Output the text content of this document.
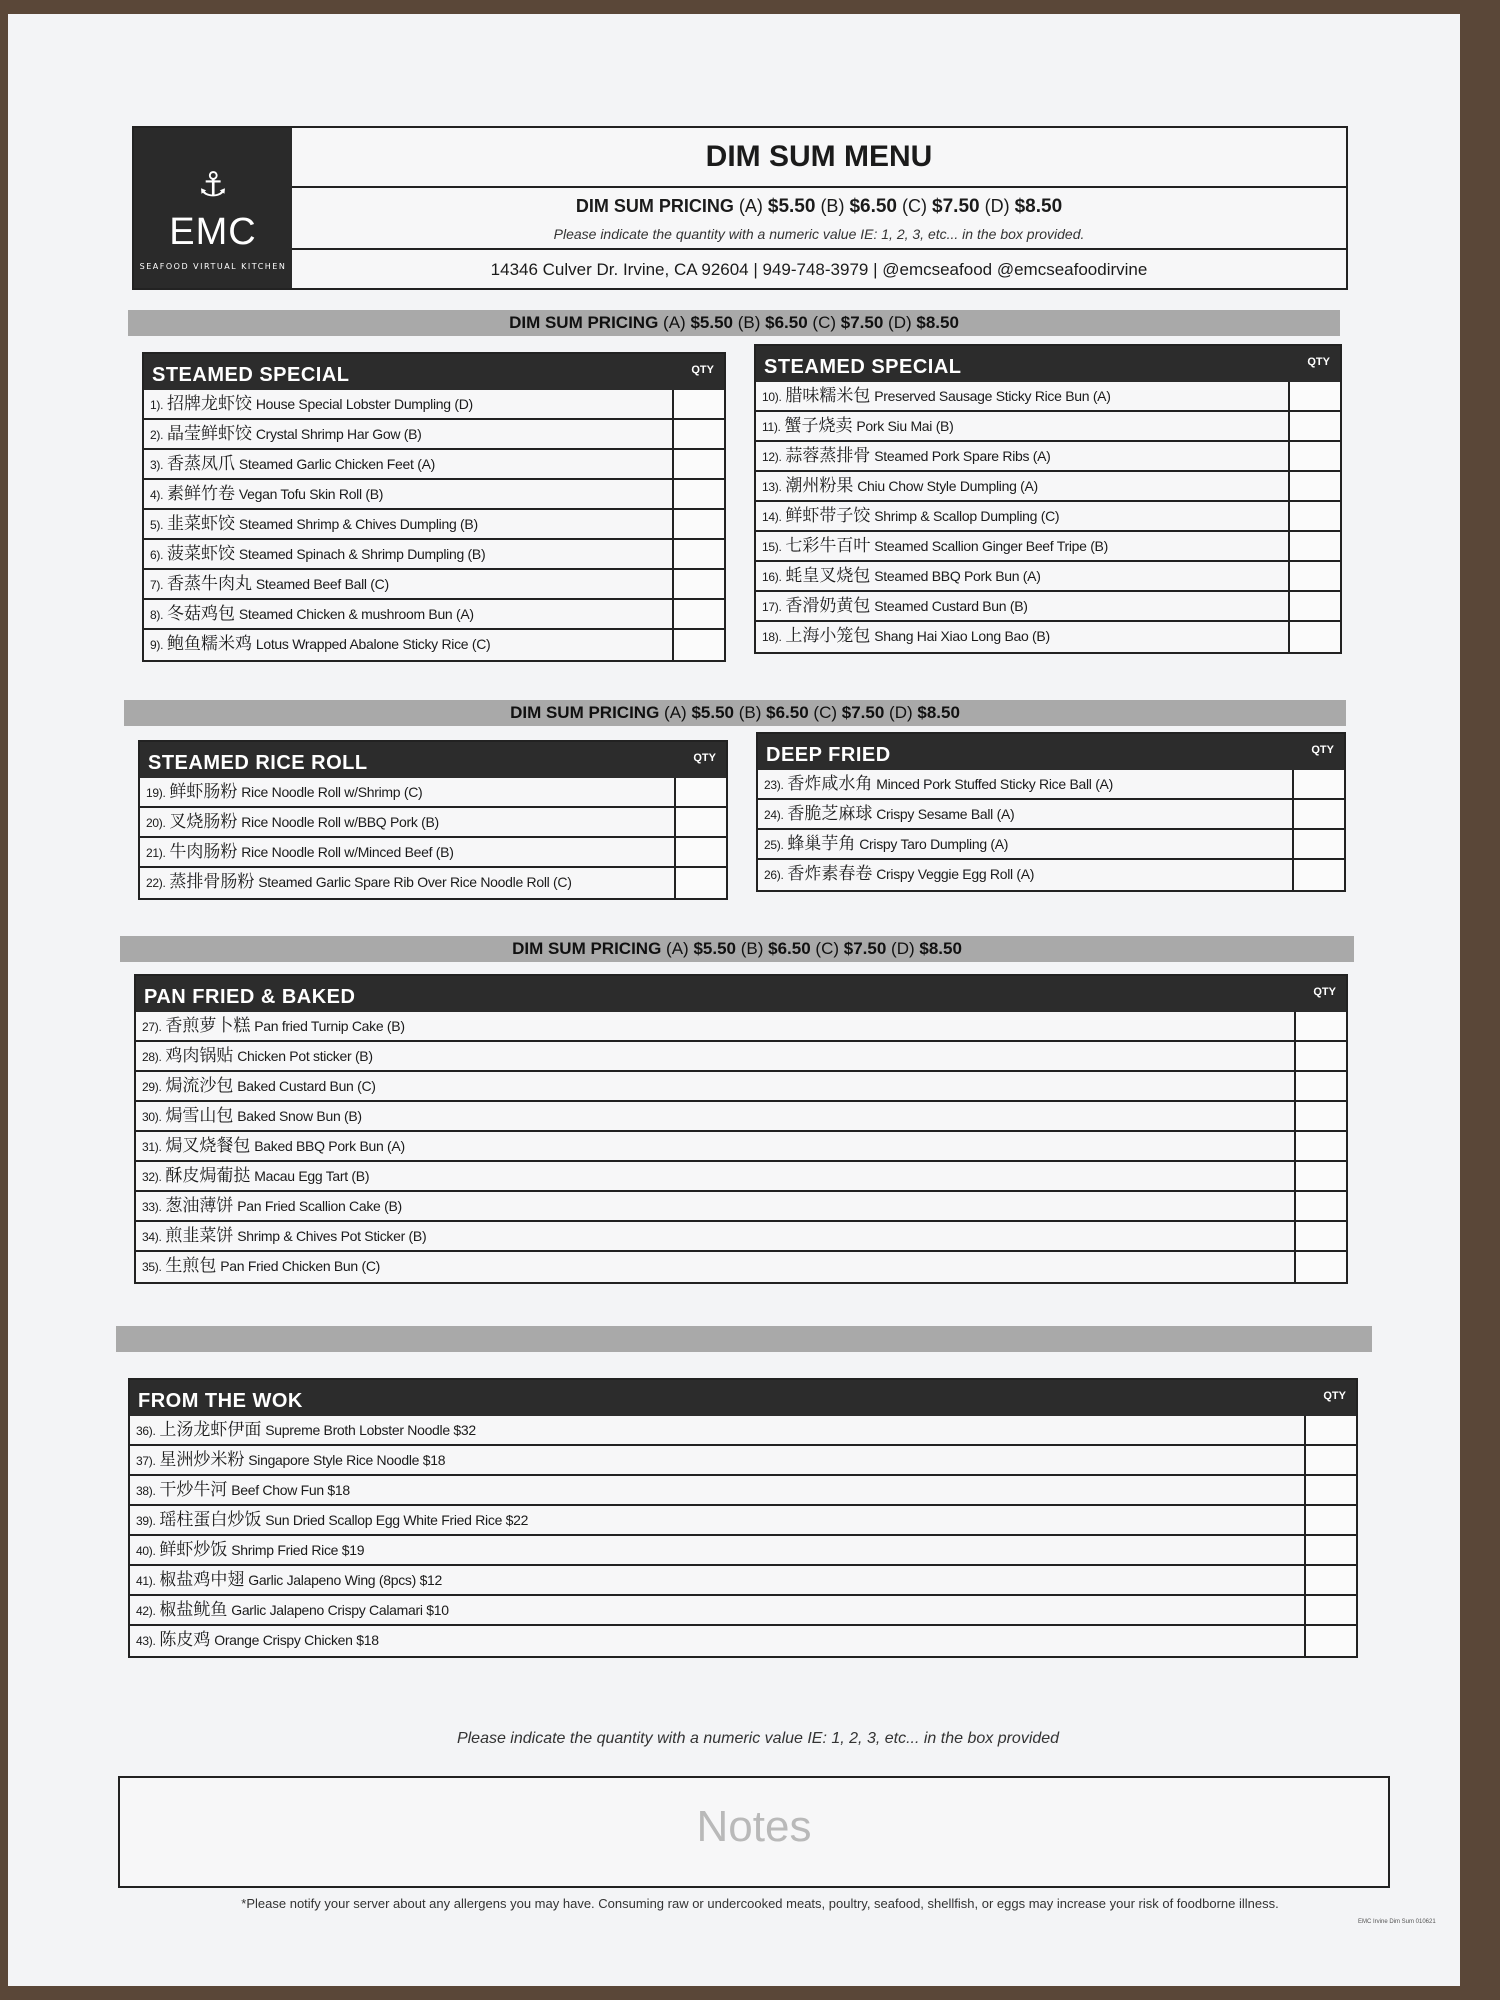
⚓
EMC
SEAFOOD VIRTUAL KITCHEN
DIM SUM MENU
DIM SUM PRICING (A) $5.50 (B) $6.50 (C) $7.50 (D) $8.50
Please indicate the quantity with a numeric value IE: 1, 2, 3, etc... in the box provided.
14346 Culver Dr. Irvine, CA 92604 | 949-748-3979 | @emcseafood @emcseafoodirvine
DIM SUM PRICING (A) $5.50 (B) $6.50 (C) $7.50 (D) $8.50
DIM SUM PRICING (A) $5.50 (B) $6.50 (C) $7.50 (D) $8.50
DIM SUM PRICING (A) $5.50 (B) $6.50 (C) $7.50 (D) $8.50
STEAMED SPECIAL	QTY
1). 招牌龙虾饺 House Special Lobster Dumpling (D)
2). 晶莹鲜虾饺 Crystal Shrimp Har Gow (B)
3). 香蒸凤爪 Steamed Garlic Chicken Feet (A)
4). 素鲜竹卷 Vegan Tofu Skin Roll (B)
5). 韭菜虾饺 Steamed Shrimp & Chives Dumpling (B)
6). 菠菜虾饺 Steamed Spinach & Shrimp Dumpling (B)
7). 香蒸牛肉丸 Steamed Beef Ball (C)
8). 冬菇鸡包 Steamed Chicken & mushroom Bun (A)
9). 鲍鱼糯米鸡 Lotus Wrapped Abalone Sticky Rice (C)
STEAMED SPECIAL	QTY
10). 腊味糯米包 Preserved Sausage Sticky Rice Bun (A)
11). 蟹子烧卖 Pork Siu Mai (B)
12). 蒜蓉蒸排骨 Steamed Pork Spare Ribs (A)
13). 潮州粉果 Chiu Chow Style Dumpling (A)
14). 鲜虾带子饺 Shrimp & Scallop Dumpling (C)
15). 七彩牛百叶 Steamed Scallion Ginger Beef Tripe (B)
16). 蚝皇叉烧包 Steamed BBQ Pork Bun (A)
17). 香滑奶黄包 Steamed Custard Bun (B)
18). 上海小笼包 Shang Hai Xiao Long Bao (B)
STEAMED RICE ROLL	QTY
19). 鲜虾肠粉 Rice Noodle Roll w/Shrimp (C)
20). 叉烧肠粉 Rice Noodle Roll w/BBQ Pork (B)
21). 牛肉肠粉 Rice Noodle Roll w/Minced Beef (B)
22). 蒸排骨肠粉 Steamed Garlic Spare Rib Over Rice Noodle Roll (C)
DEEP FRIED	QTY
23). 香炸咸水角 Minced Pork Stuffed Sticky Rice Ball (A)
24). 香脆芝麻球 Crispy Sesame Ball (A)
25). 蜂巢芋角 Crispy Taro Dumpling (A)
26). 香炸素春卷 Crispy Veggie Egg Roll (A)
PAN FRIED & BAKED	QTY
27). 香煎萝卜糕 Pan fried Turnip Cake (B)
28). 鸡肉锅贴 Chicken Pot sticker (B)
29). 焗流沙包 Baked Custard Bun (C)
30). 焗雪山包 Baked Snow Bun (B)
31). 焗叉烧餐包 Baked BBQ Pork Bun (A)
32). 酥皮焗葡挞 Macau Egg Tart (B)
33). 葱油薄饼 Pan Fried Scallion Cake (B)
34). 煎韭菜饼 Shrimp & Chives Pot Sticker (B)
35). 生煎包 Pan Fried Chicken Bun (C)
FROM THE WOK	QTY
36). 上汤龙虾伊面 Supreme Broth Lobster Noodle $32
37). 星洲炒米粉 Singapore Style Rice Noodle $18
38). 干炒牛河 Beef Chow Fun $18
39). 瑶柱蛋白炒饭 Sun Dried Scallop Egg White Fried Rice $22
40). 鲜虾炒饭 Shrimp Fried Rice $19
41). 椒盐鸡中翅 Garlic Jalapeno Wing (8pcs) $12
42). 椒盐鱿鱼 Garlic Jalapeno Crispy Calamari $10
43). 陈皮鸡 Orange Crispy Chicken $18
Please indicate the quantity with a numeric value IE: 1, 2, 3, etc... in the box provided
Notes
*Please notify your server about any allergens you may have. Consuming raw or undercooked meats, poultry, seafood, shellfish, or eggs may increase your risk of foodborne illness.
EMC Irvine Dim Sum 010621
